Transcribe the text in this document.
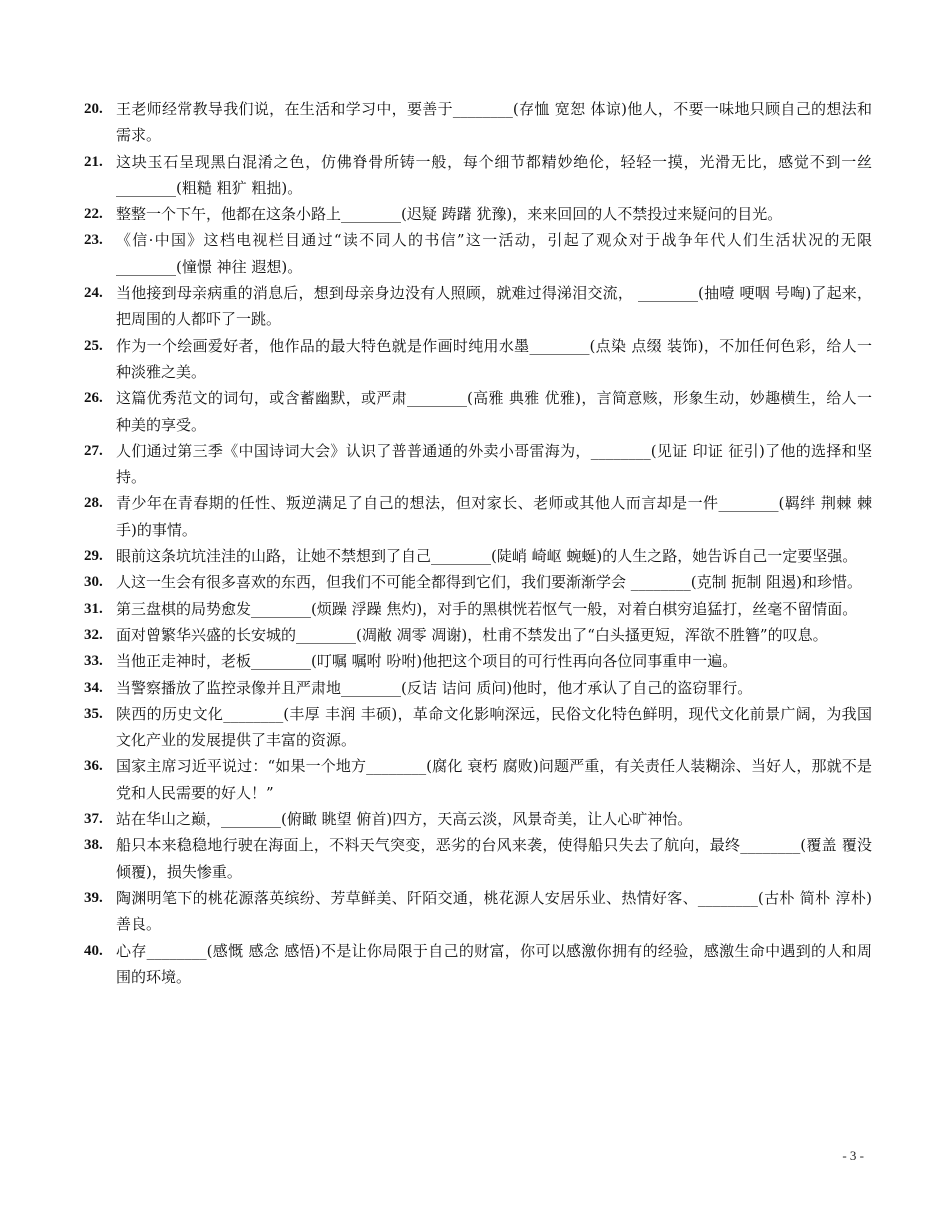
20. 王老师经常教导我们说，在生活和学习中，要善于________(存恤 宽恕 体谅)他人，不要一味地只顾自己的想法和需求。
21. 这块玉石呈现黑白混淆之色，仿佛脊骨所铸一般，每个细节都精妙绝伦，轻轻一摸，光滑无比，感觉不到一丝________(粗糙 粗犷 粗拙)。
22. 整整一个下午，他都在这条小路上________(迟疑 踌躇 犹豫)，来来回回的人不禁投过来疑问的目光。
23. 《信·中国》这档电视栏目通过“读不同人的书信”这一活动，引起了观众对于战争年代人们生活状况的无限________(憧憬 神往 遐想)。
24. 当他接到母亲病重的消息后，想到母亲身边没有人照顾，就难过得涕泪交流， ________(抽噎 哽咽 号啕)了起来，把周围的人都吓了一跳。
25. 作为一个绘画爱好者，他作品的最大特色就是作画时纯用水墨________(点染 点缀 装饰)，不加任何色彩，给人一种淡雅之美。
26. 这篇优秀范文的词句，或含蓄幽默，或严肃________(高雅 典雅 优雅)，言简意赅，形象生动，妙趣横生，给人一种美的享受。
27. 人们通过第三季《中国诗词大会》认识了普普通通的外卖小哥雷海为，________(见证 印证 征引)了他的选择和坚持。
28. 青少年在青春期的任性、叛逆满足了自己的想法，但对家长、老师或其他人而言却是一件________(羁绊 荆棘 棘手)的事情。
29. 眼前这条坑坑洼洼的山路，让她不禁想到了自己________(陡峭 崎岖 蜿蜒)的人生之路，她告诉自己一定要坚强。
30. 人这一生会有很多喜欢的东西，但我们不可能全都得到它们，我们要渐渐学会 ________(克制 扼制 阻遏)和珍惜。
31. 第三盘棋的局势愈发________(烦躁 浮躁 焦灼)，对手的黑棋恍若怄气一般，对着白棋穷追猛打，丝毫不留情面。
32. 面对曾繁华兴盛的长安城的________(凋敝 凋零 凋谢)，杜甫不禁发出了“白头搔更短，浑欲不胜簪”的叹息。
33. 当他正走神时，老板________(叮嘱 嘱咐 吩咐)他把这个项目的可行性再向各位同事重申一遍。
34. 当警察播放了监控录像并且严肃地________(反诘 诘问 质问)他时，他才承认了自己的盗窃罪行。
35. 陕西的历史文化________(丰厚 丰润 丰硕)，革命文化影响深远，民俗文化特色鲜明，现代文化前景广阔，为我国文化产业的发展提供了丰富的资源。
36. 国家主席习近平说过：“如果一个地方________(腐化 衰朽 腐败)问题严重，有关责任人装糊涂、当好人，那就不是党和人民需要的好人！”
37. 站在华山之巅，________(俯瞰 眺望 俯首)四方，天高云淡，风景奇美，让人心旷神怡。
38. 船只本来稳稳地行驶在海面上，不料天气突变，恶劣的台风来袭，使得船只失去了航向，最终________(覆盖 覆没 倾覆)，损失惨重。
39. 陶渊明笔下的桃花源落英缤纷、芳草鲜美、阡陌交通，桃花源人安居乐业、热情好客、________(古朴 简朴 淳朴)善良。
40. 心存________(感慨 感念 感悟)不是让你局限于自己的财富，你可以感激你拥有的经验，感激生命中遇到的人和周围的环境。
- 3 -
